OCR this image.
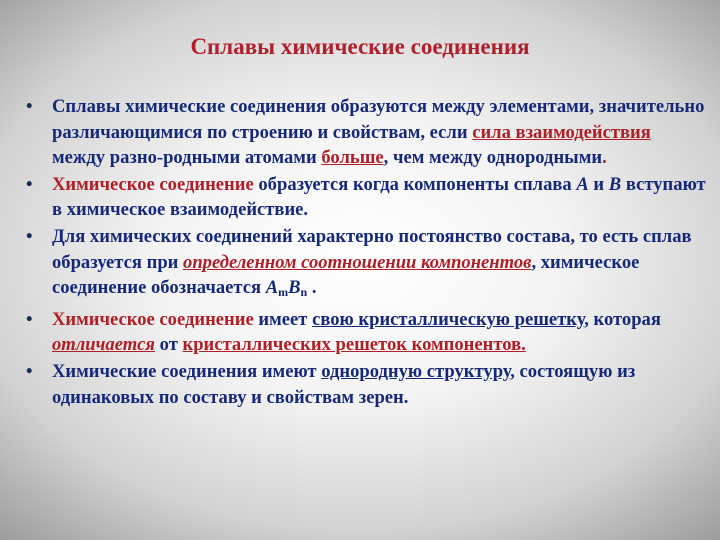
Сплавы химические соединения
• Сплавы химические соединения образуются между элементами, значительно различающимися по строению и свойствам, если сила взаимодействия между разно-родными атомами больше, чем между однородными.
• Химическое соединение образуется когда компоненты сплава А и В вступают в химическое взаимодействие.
• Для химических соединений характерно постоянство состава, то есть сплав образуется при определенном соотношении компонентов, химическое соединение обозначается $А_mВ_n$ .
• Химическое соединение имеет свою кристаллическую решетку, которая отличается от кристаллических решеток компонентов.
• Химические соединения имеют однородную структуру, состоящую из одинаковых по составу и свойствам зерен.
